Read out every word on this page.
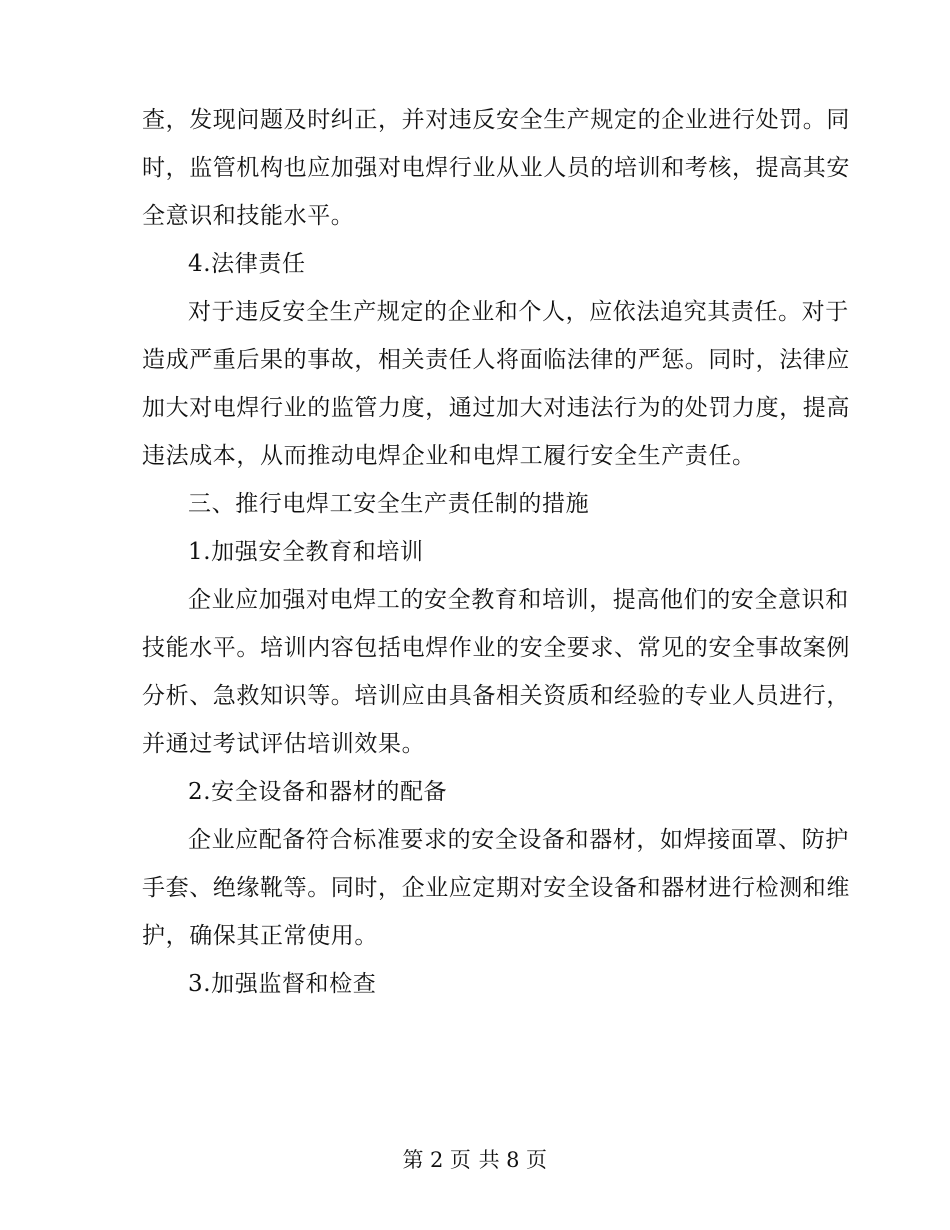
查，发现问题及时纠正，并对违反安全生产规定的企业进行处罚。同
时，监管机构也应加强对电焊行业从业人员的培训和考核，提高其安
全意识和技能水平。
4.法律责任
对于违反安全生产规定的企业和个人，应依法追究其责任。对于
造成严重后果的事故，相关责任人将面临法律的严惩。同时，法律应
加大对电焊行业的监管力度，通过加大对违法行为的处罚力度，提高
违法成本，从而推动电焊企业和电焊工履行安全生产责任。
三、推行电焊工安全生产责任制的措施
1.加强安全教育和培训
企业应加强对电焊工的安全教育和培训，提高他们的安全意识和
技能水平。培训内容包括电焊作业的安全要求、常见的安全事故案例
分析、急救知识等。培训应由具备相关资质和经验的专业人员进行，
并通过考试评估培训效果。
2.安全设备和器材的配备
企业应配备符合标准要求的安全设备和器材，如焊接面罩、防护
手套、绝缘靴等。同时，企业应定期对安全设备和器材进行检测和维
护，确保其正常使用。
3.加强监督和检查
第 2 页 共 8 页
